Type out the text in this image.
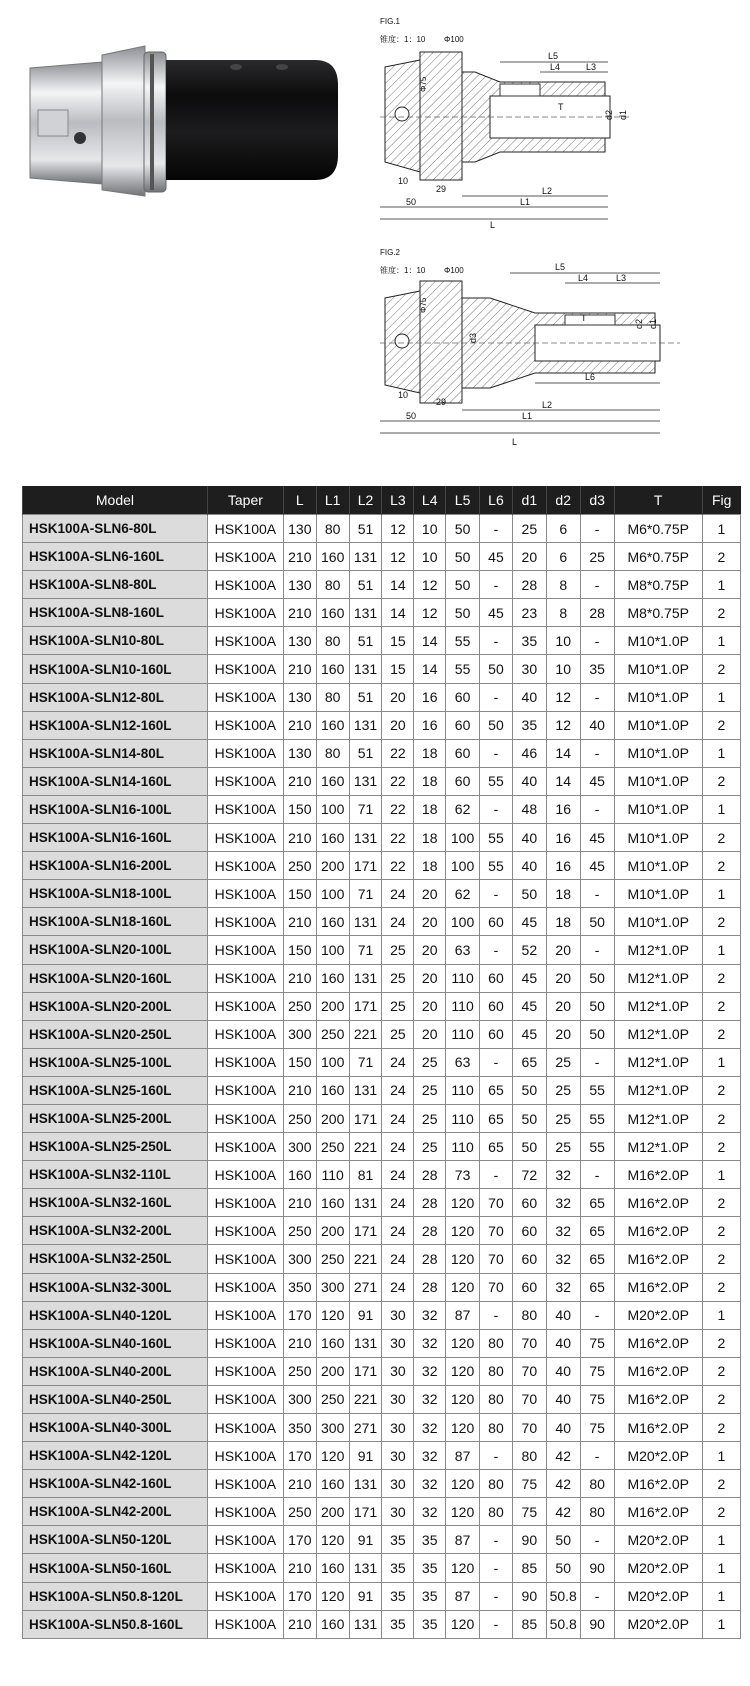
FIG.1
锥度：1：10 Φ100
Φ75
L5
L4	L3
T
d2 d1
10
29	L2
50	L1
L
FIG.2
锥度：1：10 Φ100
Φ75
d3
L5
L4	L3
T
d2 d1
L6
10
29	L2
50	L1
L
Model	Taper	L	L1	L2	L3	L4	L5	L6	d1	d2	d3	T	Fig
HSK100A-SLN6-80L	HSK100A	130	80	51	12	10	50	-	25	6	-	M6*0.75P	1
HSK100A-SLN6-160L	HSK100A	210	160	131	12	10	50	45	20	6	25	M6*0.75P	2
HSK100A-SLN8-80L	HSK100A	130	80	51	14	12	50	-	28	8	-	M8*0.75P	1
HSK100A-SLN8-160L	HSK100A	210	160	131	14	12	50	45	23	8	28	M8*0.75P	2
HSK100A-SLN10-80L	HSK100A	130	80	51	15	14	55	-	35	10	-	M10*1.0P	1
HSK100A-SLN10-160L	HSK100A	210	160	131	15	14	55	50	30	10	35	M10*1.0P	2
HSK100A-SLN12-80L	HSK100A	130	80	51	20	16	60	-	40	12	-	M10*1.0P	1
HSK100A-SLN12-160L	HSK100A	210	160	131	20	16	60	50	35	12	40	M10*1.0P	2
HSK100A-SLN14-80L	HSK100A	130	80	51	22	18	60	-	46	14	-	M10*1.0P	1
HSK100A-SLN14-160L	HSK100A	210	160	131	22	18	60	55	40	14	45	M10*1.0P	2
HSK100A-SLN16-100L	HSK100A	150	100	71	22	18	62	-	48	16	-	M10*1.0P	1
HSK100A-SLN16-160L	HSK100A	210	160	131	22	18	100	55	40	16	45	M10*1.0P	2
HSK100A-SLN16-200L	HSK100A	250	200	171	22	18	100	55	40	16	45	M10*1.0P	2
HSK100A-SLN18-100L	HSK100A	150	100	71	24	20	62	-	50	18	-	M10*1.0P	1
HSK100A-SLN18-160L	HSK100A	210	160	131	24	20	100	60	45	18	50	M10*1.0P	2
HSK100A-SLN20-100L	HSK100A	150	100	71	25	20	63	-	52	20	-	M12*1.0P	1
HSK100A-SLN20-160L	HSK100A	210	160	131	25	20	110	60	45	20	50	M12*1.0P	2
HSK100A-SLN20-200L	HSK100A	250	200	171	25	20	110	60	45	20	50	M12*1.0P	2
HSK100A-SLN20-250L	HSK100A	300	250	221	25	20	110	60	45	20	50	M12*1.0P	2
HSK100A-SLN25-100L	HSK100A	150	100	71	24	25	63	-	65	25	-	M12*1.0P	1
HSK100A-SLN25-160L	HSK100A	210	160	131	24	25	110	65	50	25	55	M12*1.0P	2
HSK100A-SLN25-200L	HSK100A	250	200	171	24	25	110	65	50	25	55	M12*1.0P	2
HSK100A-SLN25-250L	HSK100A	300	250	221	24	25	110	65	50	25	55	M12*1.0P	2
HSK100A-SLN32-110L	HSK100A	160	110	81	24	28	73	-	72	32	-	M16*2.0P	1
HSK100A-SLN32-160L	HSK100A	210	160	131	24	28	120	70	60	32	65	M16*2.0P	2
HSK100A-SLN32-200L	HSK100A	250	200	171	24	28	120	70	60	32	65	M16*2.0P	2
HSK100A-SLN32-250L	HSK100A	300	250	221	24	28	120	70	60	32	65	M16*2.0P	2
HSK100A-SLN32-300L	HSK100A	350	300	271	24	28	120	70	60	32	65	M16*2.0P	2
HSK100A-SLN40-120L	HSK100A	170	120	91	30	32	87	-	80	40	-	M20*2.0P	1
HSK100A-SLN40-160L	HSK100A	210	160	131	30	32	120	80	70	40	75	M16*2.0P	2
HSK100A-SLN40-200L	HSK100A	250	200	171	30	32	120	80	70	40	75	M16*2.0P	2
HSK100A-SLN40-250L	HSK100A	300	250	221	30	32	120	80	70	40	75	M16*2.0P	2
HSK100A-SLN40-300L	HSK100A	350	300	271	30	32	120	80	70	40	75	M16*2.0P	2
HSK100A-SLN42-120L	HSK100A	170	120	91	30	32	87	-	80	42	-	M20*2.0P	1
HSK100A-SLN42-160L	HSK100A	210	160	131	30	32	120	80	75	42	80	M16*2.0P	2
HSK100A-SLN42-200L	HSK100A	250	200	171	30	32	120	80	75	42	80	M16*2.0P	2
HSK100A-SLN50-120L	HSK100A	170	120	91	35	35	87	-	90	50	-	M20*2.0P	1
HSK100A-SLN50-160L	HSK100A	210	160	131	35	35	120	-	85	50	90	M20*2.0P	1
HSK100A-SLN50.8-120L	HSK100A	170	120	91	35	35	87	-	90	50.8	-	M20*2.0P	1
HSK100A-SLN50.8-160L	HSK100A	210	160	131	35	35	120	-	85	50.8	90	M20*2.0P	1
